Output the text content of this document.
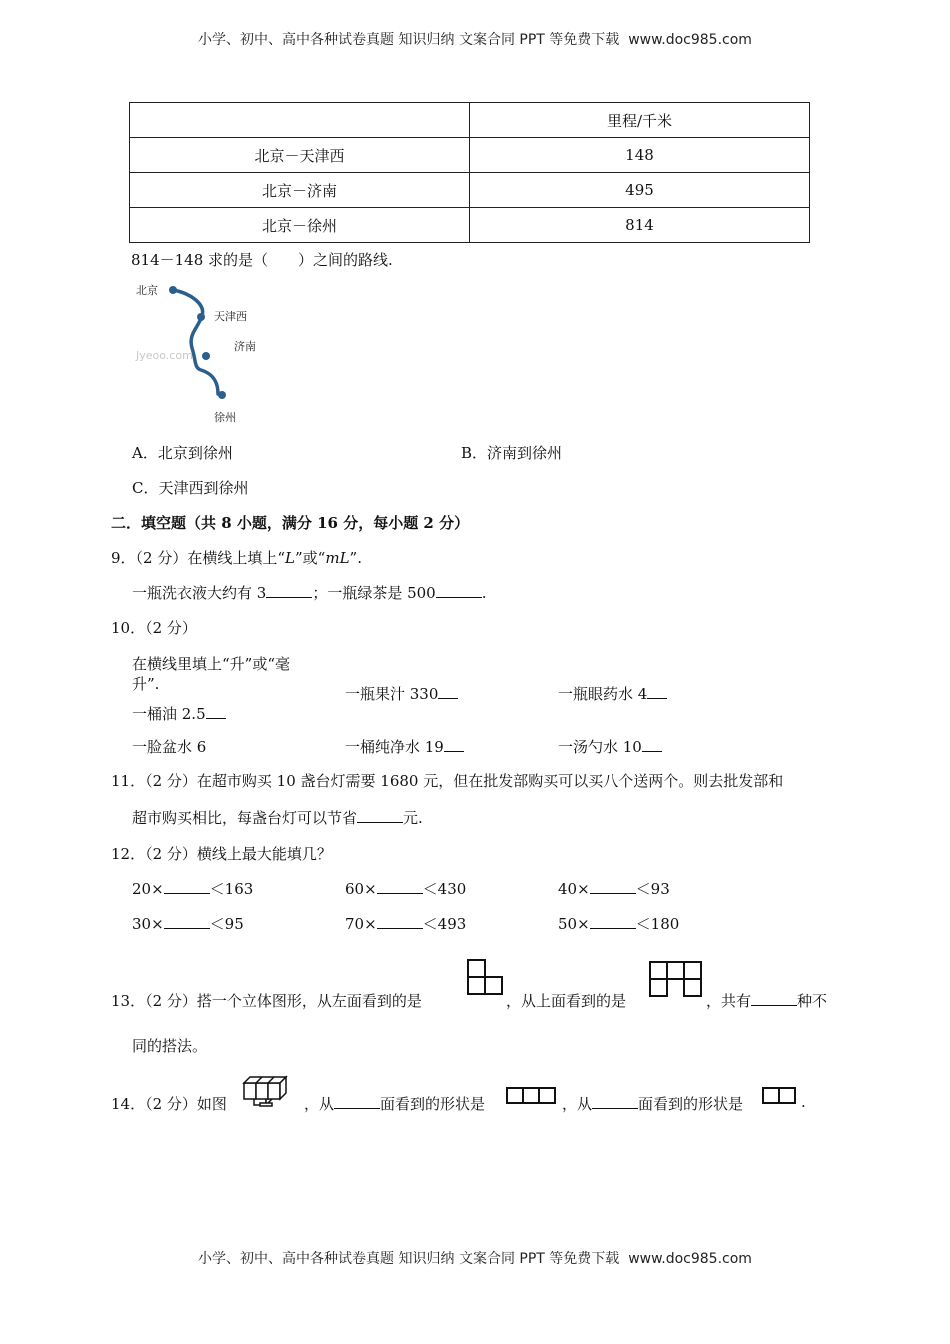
小学、初中、高中各种试卷真题 知识归纳 文案合同 PPT 等免费下载 www.doc985.com
	里程/千米
北京－天津西	148
北京－济南	495
北京－徐州	814
814－148 求的是（　　）之间的路线.
Jyeoo.com
北京
天津西
济南
徐州
A．北京到徐州	B．济南到徐州
C．天津西到徐州
二．填空题（共 8 小题，满分 16 分，每小题 2 分）
9．（2 分）在横线上填上“L”或“mL”.
一瓶洗衣液大约有 3	；一瓶绿茶是 500	.
10．（2 分）
在横线里填上“升”或“毫
升”.
一桶油 2.5
一瓶果汁 330	一瓶眼药水 4
一脸盆水 6	一桶纯净水 19	一汤勺水 10
11．（2 分）在超市购买 10 盏台灯需要 1680 元，但在批发部购买可以买八个送两个。则去批发部和
超市购买相比，每盏台灯可以节省	元.
12．（2 分）横线上最大能填几？
20×	＜163	60×	＜430	40×	＜93
30×	＜95	70×	＜493	50×	＜180
13．（2 分）搭一个立体图形，从左面看到的是	，从上面看到的是	，共有	种不
同的搭法。
14．（2 分）如图	，从	面看到的形状是	，从	面看到的形状是	.
小学、初中、高中各种试卷真题 知识归纳 文案合同 PPT 等免费下载 www.doc985.com
